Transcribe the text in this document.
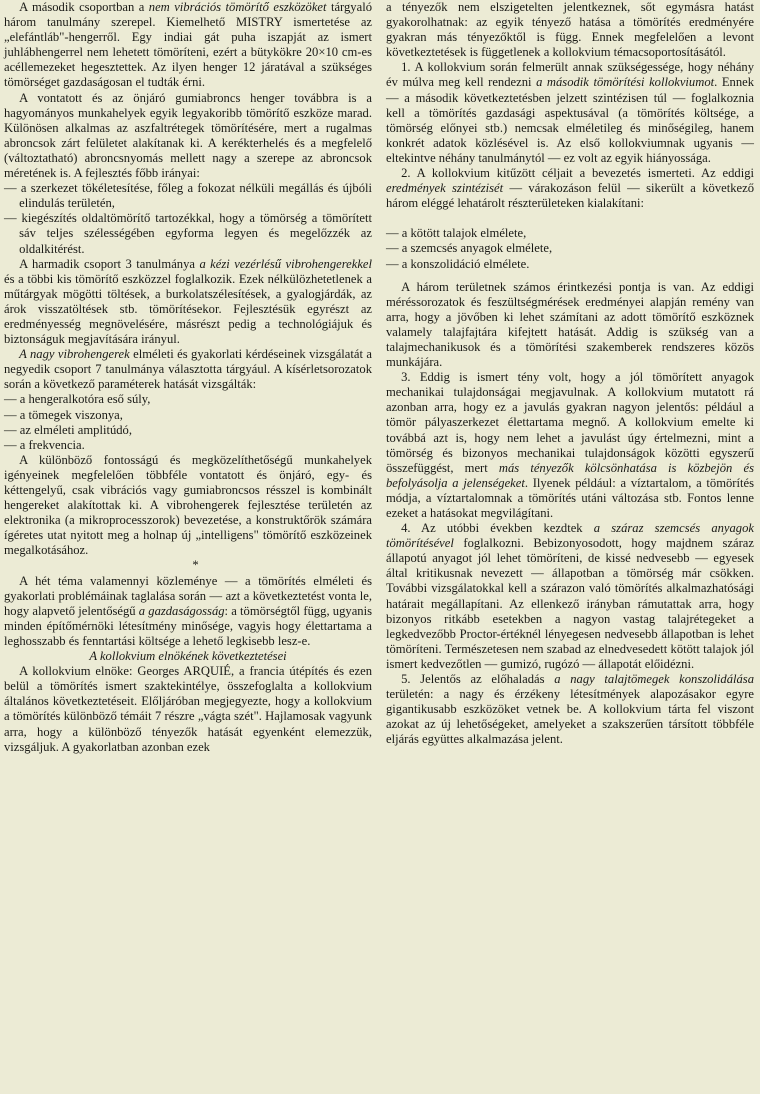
A második csoportban a nem vibrációs tömörítő eszközöket tárgyaló három tanulmány szerepel. Kiemelhető MISTRY ismertetése az „elefántláb"-hengerről. Egy indiai gát puha iszapját az ismert juhlábhengerrel nem lehetett tömöríteni, ezért a bütykökre 20×10 cm-es acéllemezeket hegesztettek. Az ilyen henger 12 járatával a szükséges tömörséget gazdaságosan el tudták érni.

A vontatott és az önjáró gumiabroncs henger továbbra is a hagyományos munkahelyek egyik legyakoribb tömörítő eszköze marad. Különösen alkalmas az aszfaltrétegek tömörítésére, mert a rugalmas abroncsok zárt felületet alakítanak ki. A kerékterhelés és a megfelelő (változtatható) abroncsnyomás mellett nagy a szerepe az abroncsok méretének is. A fejlesztés főbb irányai:

— a szerkezet tökéletesítése, főleg a fokozat nélküli megállás és újbóli elindulás területén,

— kiegészítés oldaltömörítő tartozékkal, hogy a tömörség a tömörített sáv teljes szélességében egyforma legyen és megelőzzék az oldalkitérést.

A harmadik csoport 3 tanulmánya a kézi vezérlésű vibrohengerekkel és a többi kis tömörítő eszközzel foglalkozik. Ezek nélkülözhetetlenek a műtárgyak mögötti töltések, a burkolatszélesítések, a gyalogjárdák, az árok visszatöltések stb. tömörítésekor. Fejlesztésük egyrészt az eredményesség megnövelésére, másrészt pedig a technológiájuk és biztonságuk megjavítására irányul.

A nagy vibrohengerek elméleti és gyakorlati kérdéseinek vizsgálatát a negyedik csoport 7 tanulmánya választotta tárgyául. A kísérletsorozatok során a következő paraméterek hatását vizsgálták:

— a hengeralkotóra eső súly,

— a tömegek viszonya,

— az elméleti amplitúdó,

— a frekvencia.

A különböző fontosságú és megközelíthetőségű munkahelyek igényeinek megfelelően többféle vontatott és önjáró, egy- és kéttengelyű, csak vibrációs vagy gumiabroncsos résszel is kombinált hengereket alakítottak ki. A vibrohengerek fejlesztése területén az elektronika (a mikroprocesszorok) bevezetése, a konstruktőrök számára ígéretes utat nyitott meg a holnap új „intelligens" tömörítő eszközeinek megalkotásához.

*

A hét téma valamennyi közleménye — a tömörítés elméleti és gyakorlati problémáinak taglalása során — azt a következtetést vonta le, hogy alapvető jelentőségű a gazdaságosság: a tömörségtől függ, ugyanis minden építőmérnöki létesítmény minősége, vagyis hogy élettartama a leghosszabb és fenntartási költsége a lehető legkisebb lesz-e.

A kollokvium elnökének következtetései

A kollokvium elnöke: Georges ARQUIÉ, a francia útépítés és ezen belül a tömörítés ismert szaktekintélye, összefoglalta a kollokvium általános következtetéseit. Előljáróban megjegyezte, hogy a kollokvium a tömörítés különböző témáit 7 részre „vágta szét". Hajlamosak vagyunk arra, hogy a különböző tényezők hatását egyenként elemezzük, vizsgáljuk. A gyakorlatban azonban ezek

a tényezők nem elszigetelten jelentkeznek, sőt egymásra hatást gyakorolhatnak: az egyik tényező hatása a tömörítés eredményére gyakran más tényezőktől is függ. Ennek megfelelően a levont következtetések is függetlenek a kollokvium témacsoportosításától.

1. A kollokvium során felmerült annak szükségessége, hogy néhány év múlva meg kell rendezni a második tömörítési kollokviumot. Ennek — a második következtetésben jelzett szintézisen túl — foglalkoznia kell a tömörítés gazdasági aspektusával (a tömörítés költsége, a tömörség előnyei stb.) nemcsak elméletileg és minőségileg, hanem konkrét adatok közlésével is. Az első kollokviumnak ugyanis — eltekintve néhány tanulmánytól — ez volt az egyik hiányossága.

2. A kollokvium kitűzött céljait a bevezetés ismerteti. Az eddigi eredmények szintézisét — várakozáson felül — sikerült a következő három eléggé lehatárolt részterületeken kialakítani:

— a kötött talajok elmélete,

— a szemcsés anyagok elmélete,

— a konszolidáció elmélete.

A három területnek számos érintkezési pontja is van. Az eddigi méréssorozatok és feszültségmérések eredményei alapján remény van arra, hogy a jövőben ki lehet számítani az adott tömörítő eszköznek valamely talajfajtára kifejtett hatását. Addig is szükség van a talajmechanikusok és a tömörítési szakemberek rendszeres közös munkájára.

3. Eddig is ismert tény volt, hogy a jól tömörített anyagok mechanikai tulajdonságai megjavulnak. A kollokvium mutatott rá azonban arra, hogy ez a javulás gyakran nagyon jelentős: például a tömör pályaszerkezet élettartama megnő. A kollokvium emelte ki továbbá azt is, hogy nem lehet a javulást úgy értelmezni, mint a tömörség és bizonyos mechanikai tulajdonságok közötti egyszerű összefüggést, mert más tényezők kölcsönhatása is közbejön és befolyásolja a jelenségeket. Ilyenek például: a víztartalom, a tömörítés módja, a víztartalomnak a tömörítés utáni változása stb. Fontos lenne ezeket a hatásokat megvilágítani.

4. Az utóbbi években kezdtek a száraz szemcsés anyagok tömörítésével foglalkozni. Bebizonyosodott, hogy majdnem száraz állapotú anyagot jól lehet tömöríteni, de kissé nedvesebb — egyesek által kritikusnak nevezett — állapotban a tömörség már csökken. További vizsgálatokkal kell a szárazon való tömörítés alkalmazhatósági határait megállapítani. Az ellenkező irányban rámutattak arra, hogy bizonyos ritkább esetekben a nagyon vastag talajrétegeket a legkedvezőbb Proctor-értéknél lényegesen nedvesebb állapotban is lehet tömöríteni. Természetesen nem szabad az elnedvesedett kötött talajok jól ismert kedvezőtlen — gumizó, rugózó — állapotát előidézni.

5. Jelentős az előhaladás a nagy talajtömegek konszolidálása területén: a nagy és érzékeny létesítmények alapozásakor egyre gigantikusabb eszközöket vetnek be. A kollokvium tárta fel viszont azokat az új lehetőségeket, amelyeket a szakszerűen társított többféle eljárás együttes alkalmazása jelent.
